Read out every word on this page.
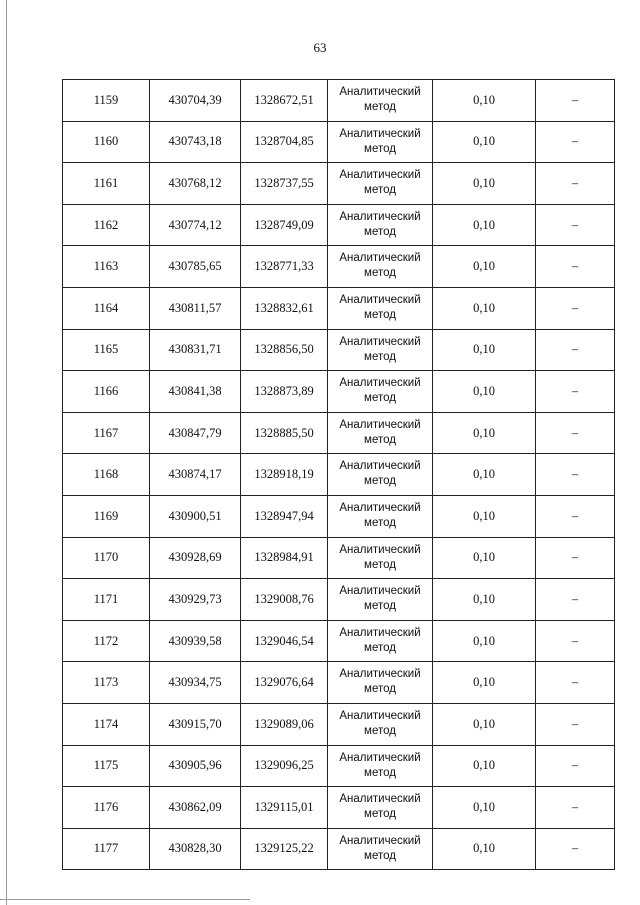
63
1159	430704,39	1328672,51	Аналитический метод	0,10	–
1160	430743,18	1328704,85	Аналитический метод	0,10	–
1161	430768,12	1328737,55	Аналитический метод	0,10	–
1162	430774,12	1328749,09	Аналитический метод	0,10	–
1163	430785,65	1328771,33	Аналитический метод	0,10	–
1164	430811,57	1328832,61	Аналитический метод	0,10	–
1165	430831,71	1328856,50	Аналитический метод	0,10	–
1166	430841,38	1328873,89	Аналитический метод	0,10	–
1167	430847,79	1328885,50	Аналитический метод	0,10	–
1168	430874,17	1328918,19	Аналитический метод	0,10	–
1169	430900,51	1328947,94	Аналитический метод	0,10	–
1170	430928,69	1328984,91	Аналитический метод	0,10	–
1171	430929,73	1329008,76	Аналитический метод	0,10	–
1172	430939,58	1329046,54	Аналитический метод	0,10	–
1173	430934,75	1329076,64	Аналитический метод	0,10	–
1174	430915,70	1329089,06	Аналитический метод	0,10	–
1175	430905,96	1329096,25	Аналитический метод	0,10	–
1176	430862,09	1329115,01	Аналитический метод	0,10	–
1177	430828,30	1329125,22	Аналитический метод	0,10	–
